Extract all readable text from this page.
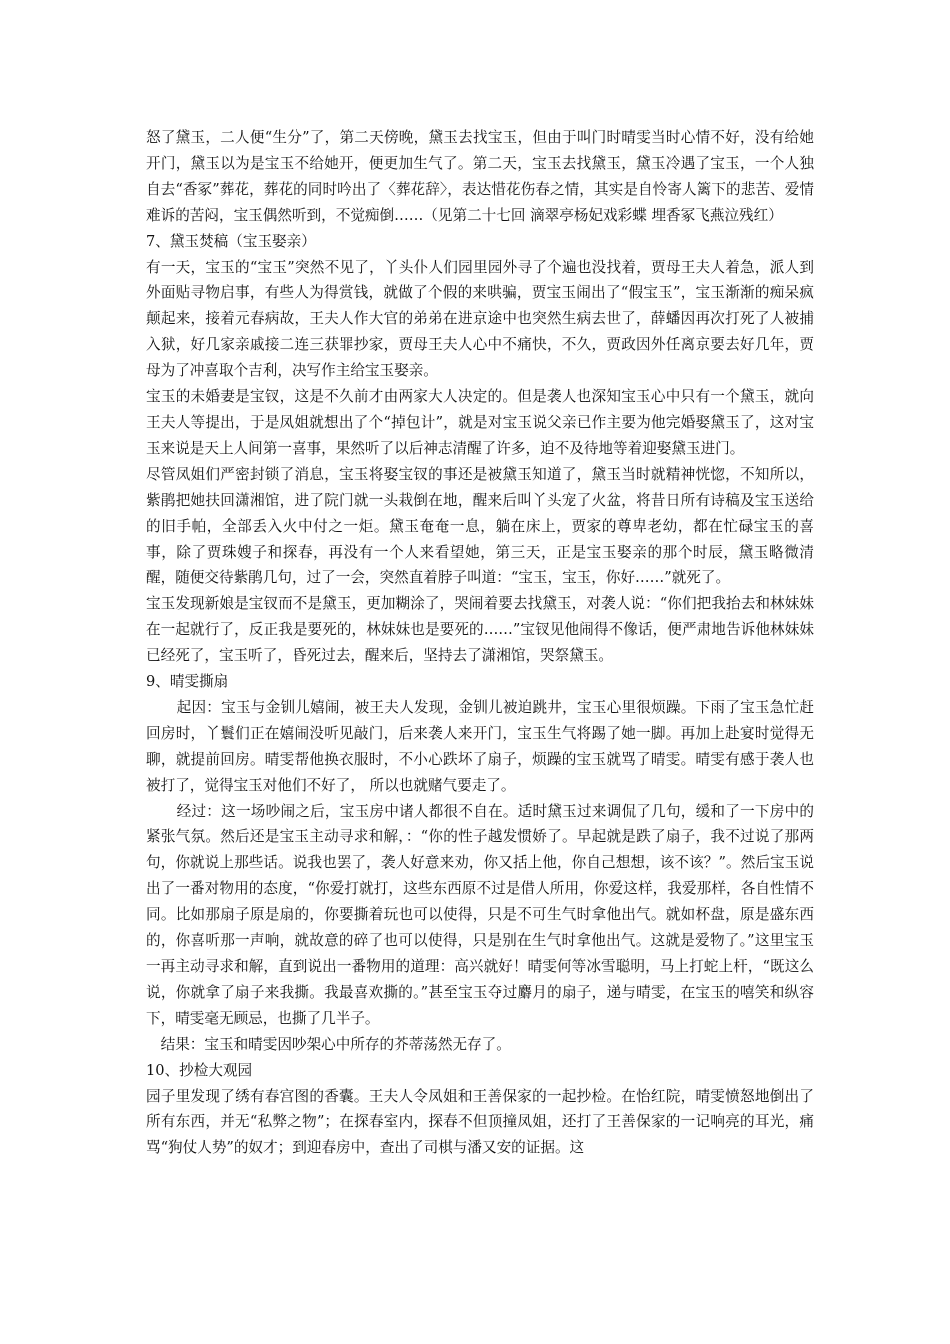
怒了黛玉，二人便“生分”了，第二天傍晚，黛玉去找宝玉，但由于叫门时晴雯当时心情不好，没有给她开门，黛玉以为是宝玉不给她开，便更加生气了。第二天，宝玉去找黛玉，黛玉冷遇了宝玉，一个人独自去“香冢”葬花，葬花的同时吟出了〈葬花辞〉，表达惜花伤春之情，其实是自怜寄人篱下的悲苦、爱情难诉的苦闷，宝玉偶然听到，不觉痴倒……（见第二十七回 滴翠亭杨妃戏彩蝶 埋香冢飞燕泣残红）

7、黛玉焚稿（宝玉娶亲）

有一天，宝玉的“宝玉”突然不见了，丫头仆人们园里园外寻了个遍也没找着，贾母王夫人着急，派人到外面贴寻物启事，有些人为得赏钱，就做了个假的来哄骗，贾宝玉闹出了“假宝玉”，宝玉渐渐的痴呆疯颠起来，接着元春病故，王夫人作大官的弟弟在进京途中也突然生病去世了，薛蟠因再次打死了人被捕入狱，好几家亲戚接二连三获罪抄家，贾母王夫人心中不痛快，不久，贾政因外任离京要去好几年，贾母为了冲喜取个吉利，决写作主给宝玉娶亲。

宝玉的未婚妻是宝钗，这是不久前才由两家大人决定的。但是袭人也深知宝玉心中只有一个黛玉，就向王夫人等提出，于是凤姐就想出了个“掉包计”，就是对宝玉说父亲已作主要为他完婚娶黛玉了，这对宝玉来说是天上人间第一喜事，果然听了以后神志清醒了许多，迫不及待地等着迎娶黛玉进门。

尽管凤姐们严密封锁了消息，宝玉将娶宝钗的事还是被黛玉知道了，黛玉当时就精神恍惚，不知所以，紫鹃把她扶回潇湘馆，进了院门就一头栽倒在地，醒来后叫丫头宠了火盆，将昔日所有诗稿及宝玉送给的旧手帕，全部丢入火中付之一炬。黛玉奄奄一息，躺在床上，贾家的尊卑老幼，都在忙碌宝玉的喜事，除了贾珠嫂子和探春，再没有一个人来看望她，第三天，正是宝玉娶亲的那个时辰，黛玉略微清醒，随便交待紫鹃几句，过了一会，突然直着脖子叫道：“宝玉，宝玉，你好……”就死了。

宝玉发现新娘是宝钗而不是黛玉，更加糊涂了，哭闹着要去找黛玉，对袭人说：“你们把我抬去和林妹妹在一起就行了，反正我是要死的，林妹妹也是要死的……”宝钗见他闹得不像话，便严肃地告诉他林妹妹已经死了，宝玉听了，昏死过去，醒来后，坚持去了潇湘馆，哭祭黛玉。

9、晴雯撕扇

起因：宝玉与金钏儿嬉闹，被王夫人发现，金钏儿被迫跳井，宝玉心里很烦躁。下雨了宝玉急忙赶回房时，丫鬟们正在嬉闹没听见敲门，后来袭人来开门，宝玉生气将踢了她一脚。再加上赴宴时觉得无聊，就提前回房。晴雯帮他换衣服时，不小心跌坏了扇子，烦躁的宝玉就骂了晴雯。晴雯有感于袭人也被打了，觉得宝玉对他们不好了， 所以也就赌气要走了。

经过：这一场吵闹之后，宝玉房中诸人都很不自在。适时黛玉过来调侃了几句，缓和了一下房中的紧张气氛。然后还是宝玉主动寻求和解，：“你的性子越发惯娇了。早起就是跌了扇子，我不过说了那两句，你就说上那些话。说我也罢了，袭人好意来劝，你又括上他，你自己想想，该不该？”。然后宝玉说出了一番对物用的态度，“你爱打就打，这些东西原不过是借人所用，你爱这样，我爱那样，各自性情不同。比如那扇子原是扇的，你要撕着玩也可以使得，只是不可生气时拿他出气。就如杯盘，原是盛东西的，你喜听那一声响，就故意的碎了也可以使得，只是别在生气时拿他出气。这就是爱物了。”这里宝玉一再主动寻求和解，直到说出一番物用的道理：高兴就好！晴雯何等冰雪聪明，马上打蛇上杆，“既这么说，你就拿了扇子来我撕。我最喜欢撕的。”甚至宝玉夺过麝月的扇子，递与晴雯，在宝玉的嘻笑和纵容下，晴雯毫无顾忌，也撕了几半子。

结果：宝玉和晴雯因吵架心中所存的芥蒂荡然无存了。

10、抄检大观园

园子里发现了绣有春宫图的香囊。王夫人令凤姐和王善保家的一起抄检。在怡红院，晴雯愤怒地倒出了所有东西，并无“私弊之物”；在探春室内，探春不但顶撞凤姐，还打了王善保家的一记响亮的耳光，痛骂“狗仗人势”的奴才；到迎春房中，查出了司棋与潘又安的证据。这
